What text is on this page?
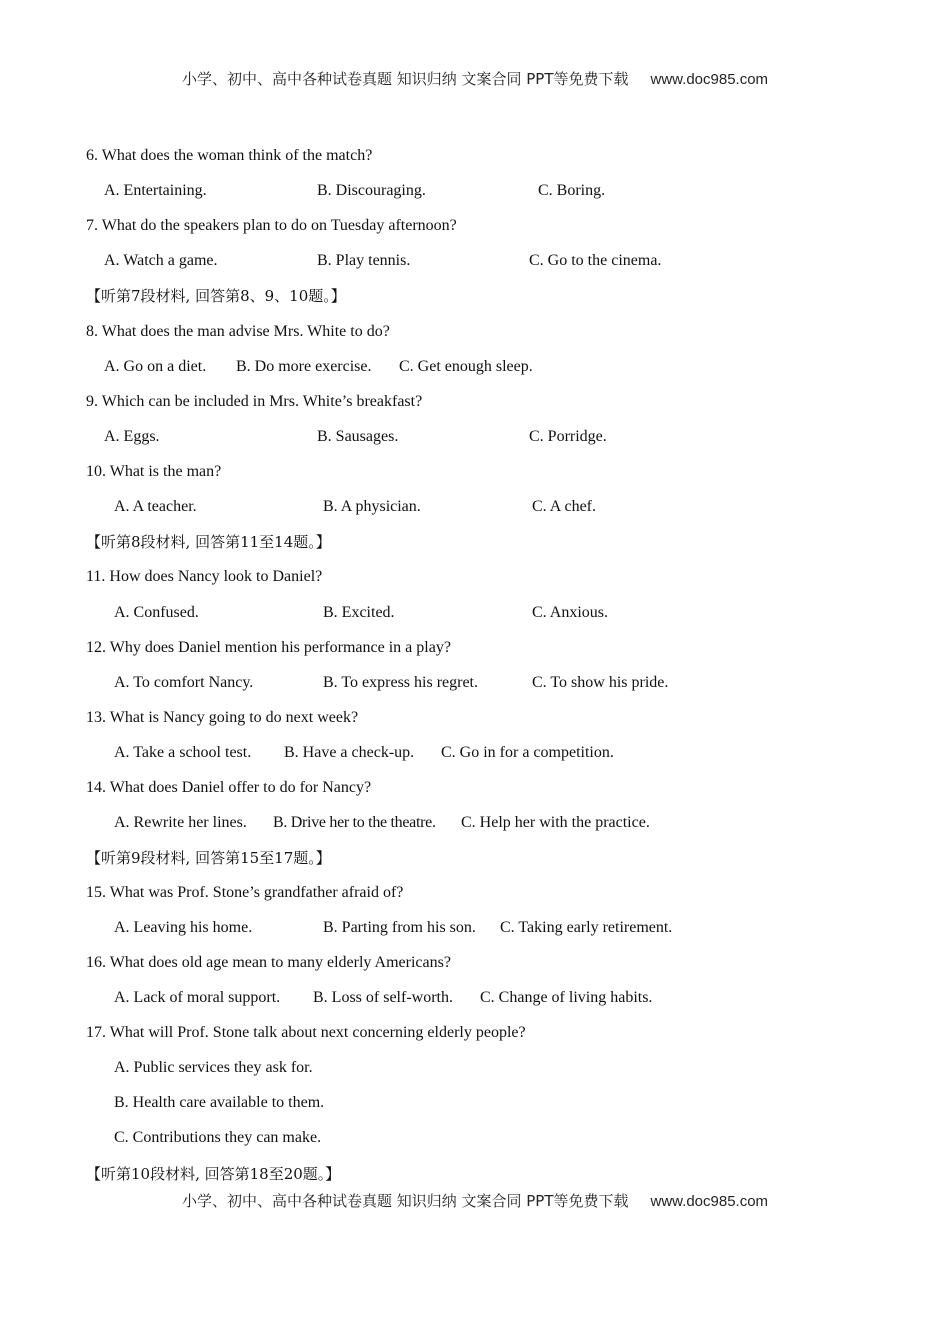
小学、初中、高中各种试卷真题 知识归纳 文案合同 PPT等免费下载 www.doc985.com
6. What does the woman think of the match?
A. Entertaining.	B. Discouraging.	C. Boring.
7. What do the speakers plan to do on Tuesday afternoon?
A. Watch a game.	B. Play tennis.	C. Go to the cinema.
【听第7段材料, 回答第8、9、10题。】
8. What does the man advise Mrs. White to do?
A. Go on a diet. B. Do more exercise. C. Get enough sleep.
9. Which can be included in Mrs. White’s breakfast?
A. Eggs.	B. Sausages.	C. Porridge.
10. What is the man?
A. A teacher.	B. A physician.	C. A chef.
【听第8段材料, 回答第11至14题。】
11. How does Nancy look to Daniel?
A. Confused.	B. Excited.	C. Anxious.
12. Why does Daniel mention his performance in a play?
A. To comfort Nancy.	B. To express his regret.	C. To show his pride.
13. What is Nancy going to do next week?
A. Take a school test. B. Have a check-up. C. Go in for a competition.
14. What does Daniel offer to do for Nancy?
A. Rewrite her lines. B. Drive her to the theatre. C. Help her with the practice.
【听第9段材料, 回答第15至17题。】
15. What was Prof. Stone’s grandfather afraid of?
A. Leaving his home.	B. Parting from his son. C. Taking early retirement.
16. What does old age mean to many elderly Americans?
A. Lack of moral support. B. Loss of self-worth. C. Change of living habits.
17. What will Prof. Stone talk about next concerning elderly people?
A. Public services they ask for.
B. Health care available to them.
C. Contributions they can make.
【听第10段材料, 回答第18至20题。】
小学、初中、高中各种试卷真题 知识归纳 文案合同 PPT等免费下载 www.doc985.com
